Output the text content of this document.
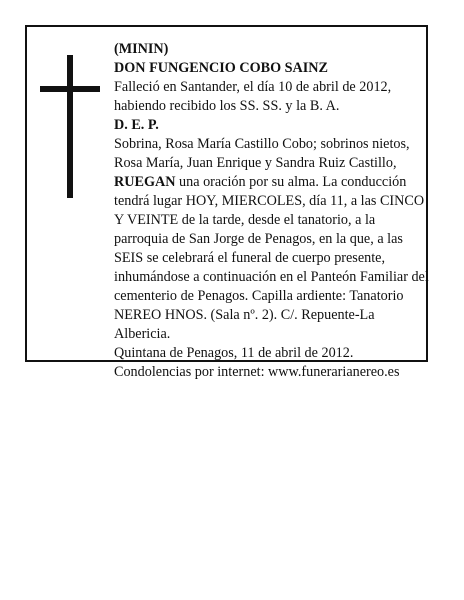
(MININ)

DON FUNGENCIO COBO SAINZ

Falleció en Santander, el día 10 de abril de 2012,

habiendo recibido los SS. SS. y la B. A.

D. E. P.

Sobrina, Rosa María Castillo Cobo; sobrinos nietos,

Rosa María, Juan Enrique y Sandra Ruiz Castillo,

RUEGAN una oración por su alma. La conducción

tendrá lugar HOY, MIERCOLES, día 11, a las CINCO

Y VEINTE de la tarde, desde el tanatorio, a la

parroquia de San Jorge de Penagos, en la que, a las

SEIS se celebrará el funeral de cuerpo presente,

inhumándose a continuación en el Panteón Familiar del

cementerio de Penagos. Capilla ardiente: Tanatorio

NEREO HNOS. (Sala nº. 2). C/. Repuente-La

Albericia.

Quintana de Penagos, 11 de abril de 2012.

Condolencias por internet: www.funerarianereo.es
